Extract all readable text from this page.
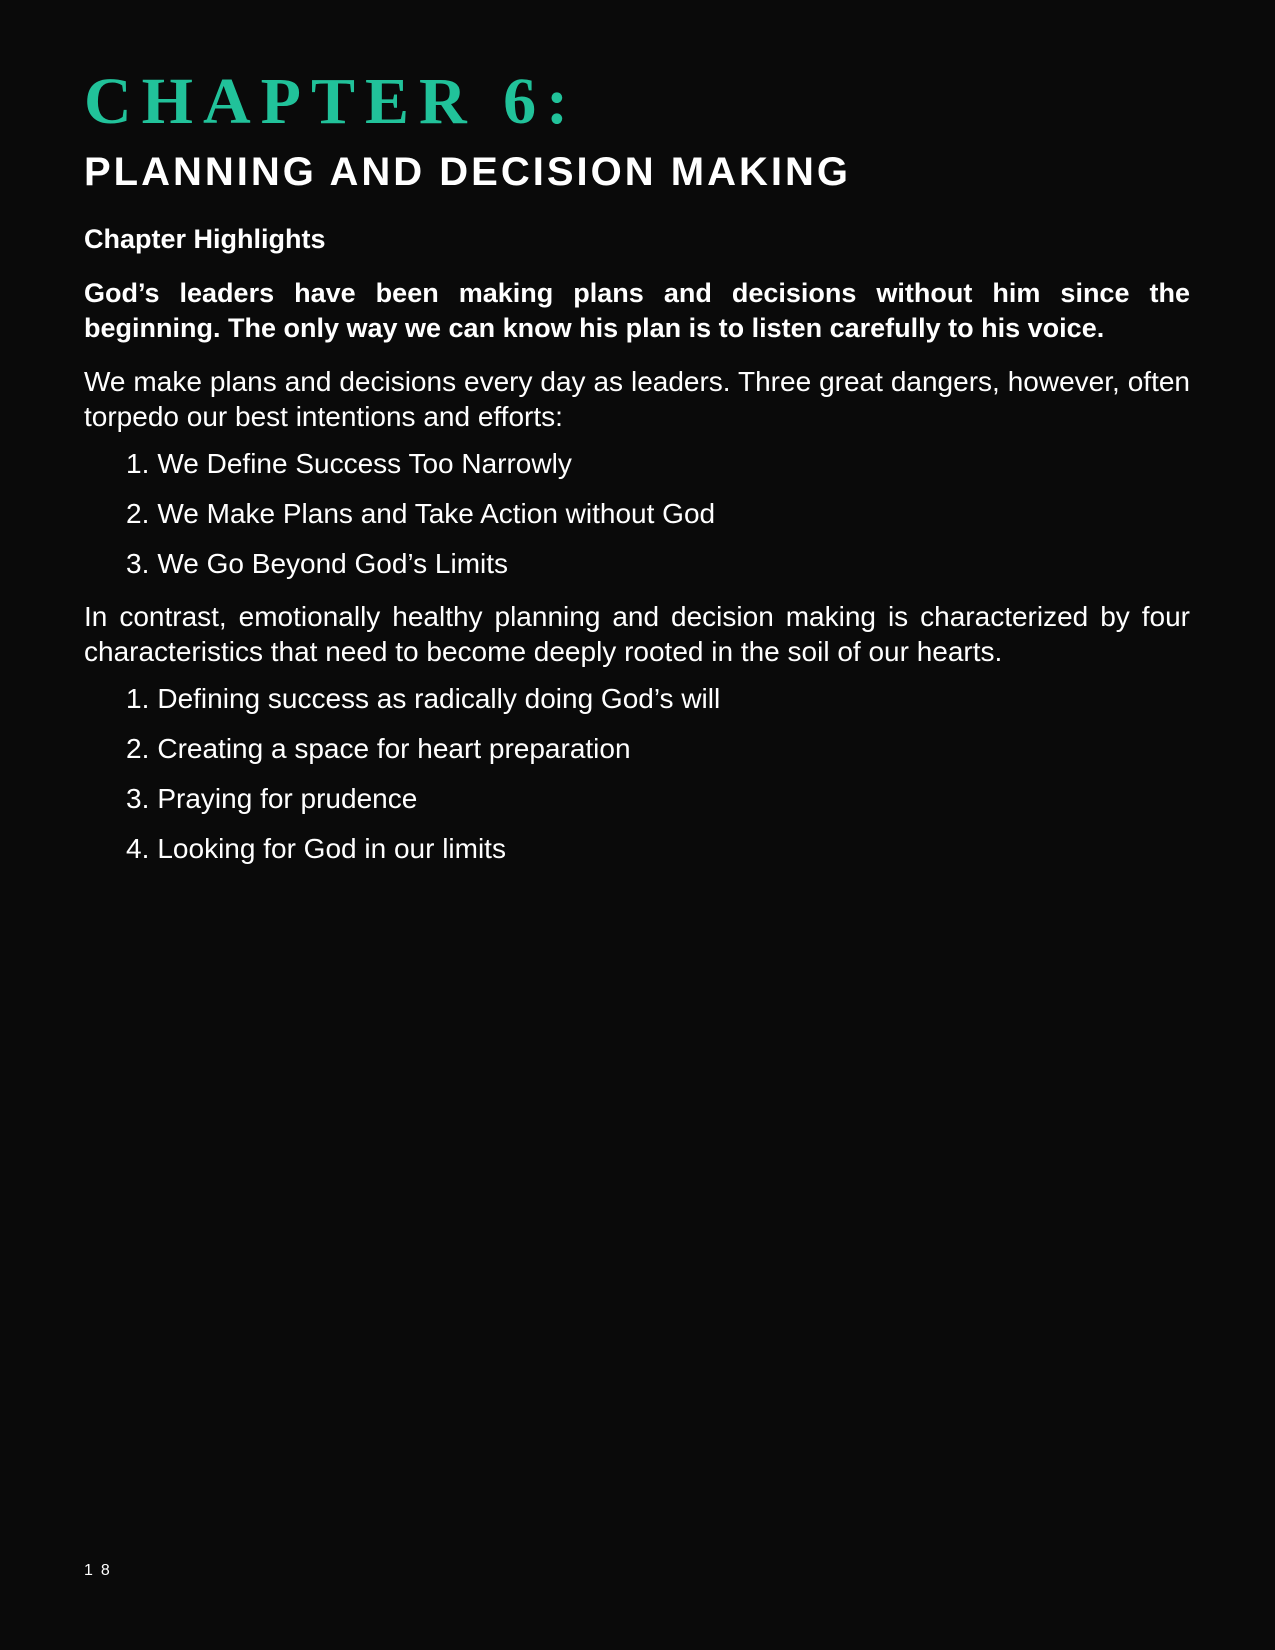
CHAPTER 6:
PLANNING AND DECISION MAKING
Chapter Highlights

God’s leaders have been making plans and decisions without him since the beginning. The only way we can know his plan is to listen carefully to his voice.

We make plans and decisions every day as leaders. Three great dangers, however, often torpedo our best intentions and efforts:

1. We Define Success Too Narrowly
2. We Make Plans and Take Action without God
3. We Go Beyond God’s Limits

In contrast, emotionally healthy planning and decision making is characterized by four characteristics that need to become deeply rooted in the soil of our hearts.

1. Defining success as radically doing God’s will
2. Creating a space for heart preparation
3. Praying for prudence
4. Looking for God in our limits
18
